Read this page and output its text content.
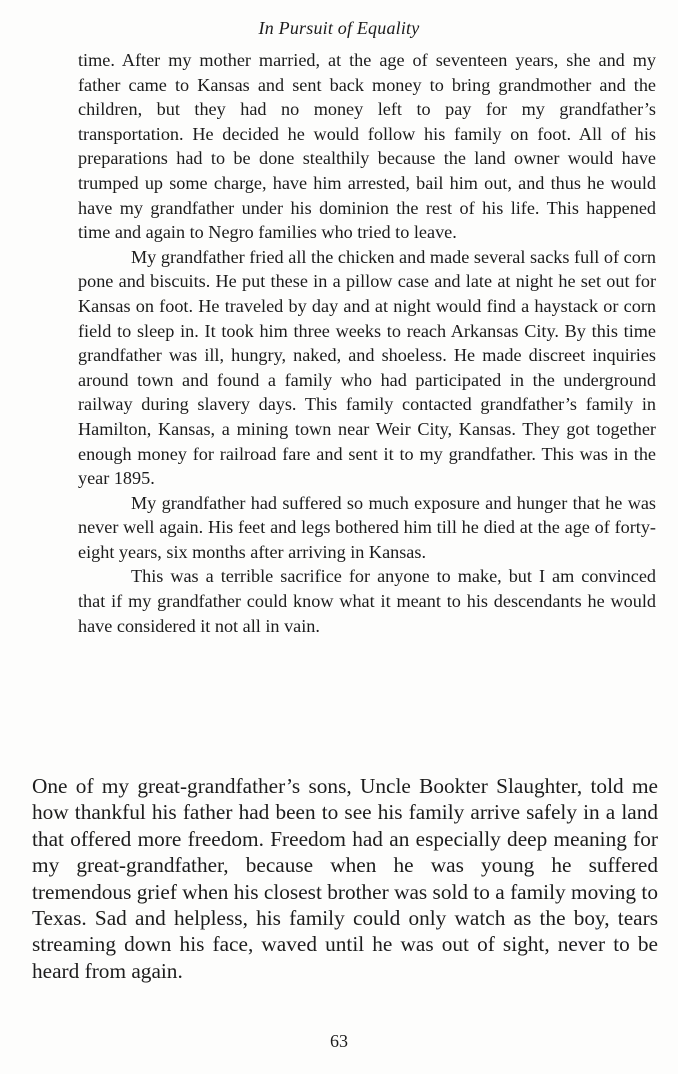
In Pursuit of Equality

time. After my mother married, at the age of seventeen years, she and my father came to Kansas and sent back money to bring grandmother and the children, but they had no money left to pay for my grandfather’s transportation. He decided he would follow his family on foot. All of his preparations had to be done stealthily because the land owner would have trumped up some charge, have him arrested, bail him out, and thus he would have my grandfather under his dominion the rest of his life. This happened time and again to Negro families who tried to leave.

My grandfather fried all the chicken and made several sacks full of corn pone and biscuits. He put these in a pillow case and late at night he set out for Kansas on foot. He traveled by day and at night would find a haystack or corn field to sleep in. It took him three weeks to reach Arkansas City. By this time grandfather was ill, hungry, naked, and shoeless. He made discreet inquiries around town and found a family who had participated in the underground railway during slavery days. This family contacted grandfather’s family in Hamilton, Kansas, a mining town near Weir City, Kansas. They got together enough money for railroad fare and sent it to my grandfather. This was in the year 1895.

My grandfather had suffered so much exposure and hunger that he was never well again. His feet and legs bothered him till he died at the age of forty-eight years, six months after arriving in Kansas.

This was a terrible sacrifice for anyone to make, but I am convinced that if my grandfather could know what it meant to his descendants he would have considered it not all in vain.

One of my great-grandfather’s sons, Uncle Bookter Slaughter, told me how thankful his father had been to see his family arrive safely in a land that offered more freedom. Freedom had an especially deep meaning for my great-grandfather, because when he was young he suffered tremendous grief when his closest brother was sold to a family moving to Texas. Sad and helpless, his family could only watch as the boy, tears streaming down his face, waved until he was out of sight, never to be heard from again.

63
